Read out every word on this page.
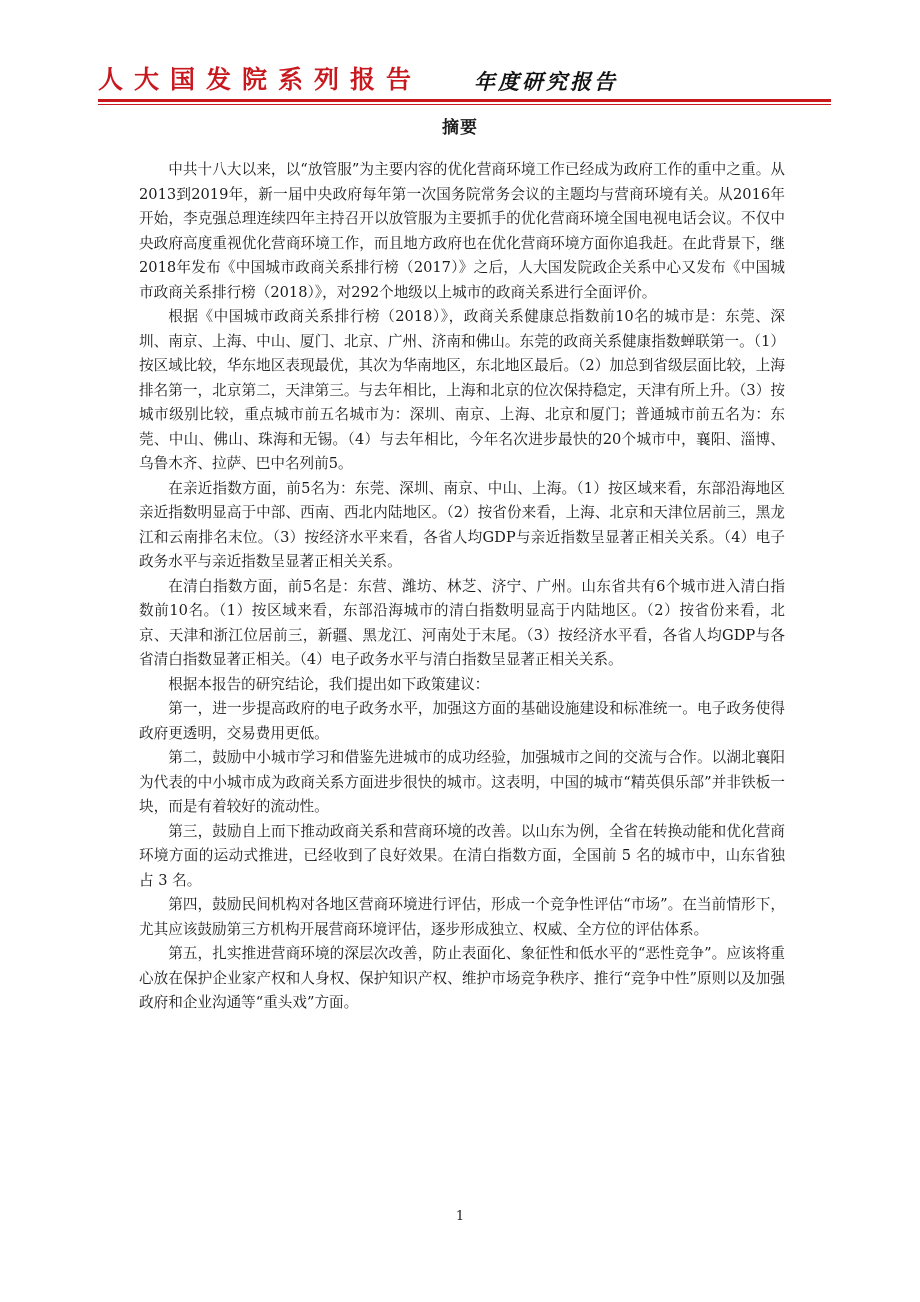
人大国发院系列报告 年度研究报告
摘要

中共十八大以来，以“放管服”为主要内容的优化营商环境工作已经成为政府工作的重中之重。从2013到2019年，新一届中央政府每年第一次国务院常务会议的主题均与营商环境有关。从2016年开始，李克强总理连续四年主持召开以放管服为主要抓手的优化营商环境全国电视电话会议。不仅中央政府高度重视优化营商环境工作，而且地方政府也在优化营商环境方面你追我赶。在此背景下，继2018年发布《中国城市政商关系排行榜（2017）》之后，人大国发院政企关系中心又发布《中国城市政商关系排行榜（2018）》，对292个地级以上城市的政商关系进行全面评价。

根据《中国城市政商关系排行榜（2018）》，政商关系健康总指数前10名的城市是：东莞、深圳、南京、上海、中山、厦门、北京、广州、济南和佛山。东莞的政商关系健康指数蝉联第一。（1）按区域比较，华东地区表现最优，其次为华南地区，东北地区最后。（2）加总到省级层面比较，上海排名第一，北京第二，天津第三。与去年相比，上海和北京的位次保持稳定，天津有所上升。（3）按城市级别比较，重点城市前五名城市为：深圳、南京、上海、北京和厦门；普通城市前五名为：东莞、中山、佛山、珠海和无锡。（4）与去年相比，今年名次进步最快的20个城市中，襄阳、淄博、乌鲁木齐、拉萨、巴中名列前5。

在亲近指数方面，前5名为：东莞、深圳、南京、中山、上海。（1）按区域来看，东部沿海地区亲近指数明显高于中部、西南、西北内陆地区。（2）按省份来看，上海、北京和天津位居前三，黑龙江和云南排名末位。（3）按经济水平来看，各省人均GDP与亲近指数呈显著正相关关系。（4）电子政务水平与亲近指数呈显著正相关关系。

在清白指数方面，前5名是：东营、潍坊、林芝、济宁、广州。山东省共有6个城市进入清白指数前10名。（1）按区域来看，东部沿海城市的清白指数明显高于内陆地区。（2）按省份来看，北京、天津和浙江位居前三，新疆、黑龙江、河南处于末尾。（3）按经济水平看，各省人均GDP与各省清白指数显著正相关。（4）电子政务水平与清白指数呈显著正相关关系。

根据本报告的研究结论，我们提出如下政策建议：

第一，进一步提高政府的电子政务水平，加强这方面的基础设施建设和标准统一。电子政务使得政府更透明，交易费用更低。

第二，鼓励中小城市学习和借鉴先进城市的成功经验，加强城市之间的交流与合作。以湖北襄阳为代表的中小城市成为政商关系方面进步很快的城市。这表明，中国的城市“精英俱乐部”并非铁板一块，而是有着较好的流动性。

第三，鼓励自上而下推动政商关系和营商环境的改善。以山东为例，全省在转换动能和优化营商环境方面的运动式推进，已经收到了良好效果。在清白指数方面，全国前 5 名的城市中，山东省独占 3 名。

第四，鼓励民间机构对各地区营商环境进行评估，形成一个竞争性评估“市场”。在当前情形下，尤其应该鼓励第三方机构开展营商环境评估，逐步形成独立、权威、全方位的评估体系。

第五，扎实推进营商环境的深层次改善，防止表面化、象征性和低水平的“恶性竞争”。应该将重心放在保护企业家产权和人身权、保护知识产权、维护市场竞争秩序、推行“竞争中性”原则以及加强政府和企业沟通等“重头戏”方面。

1
